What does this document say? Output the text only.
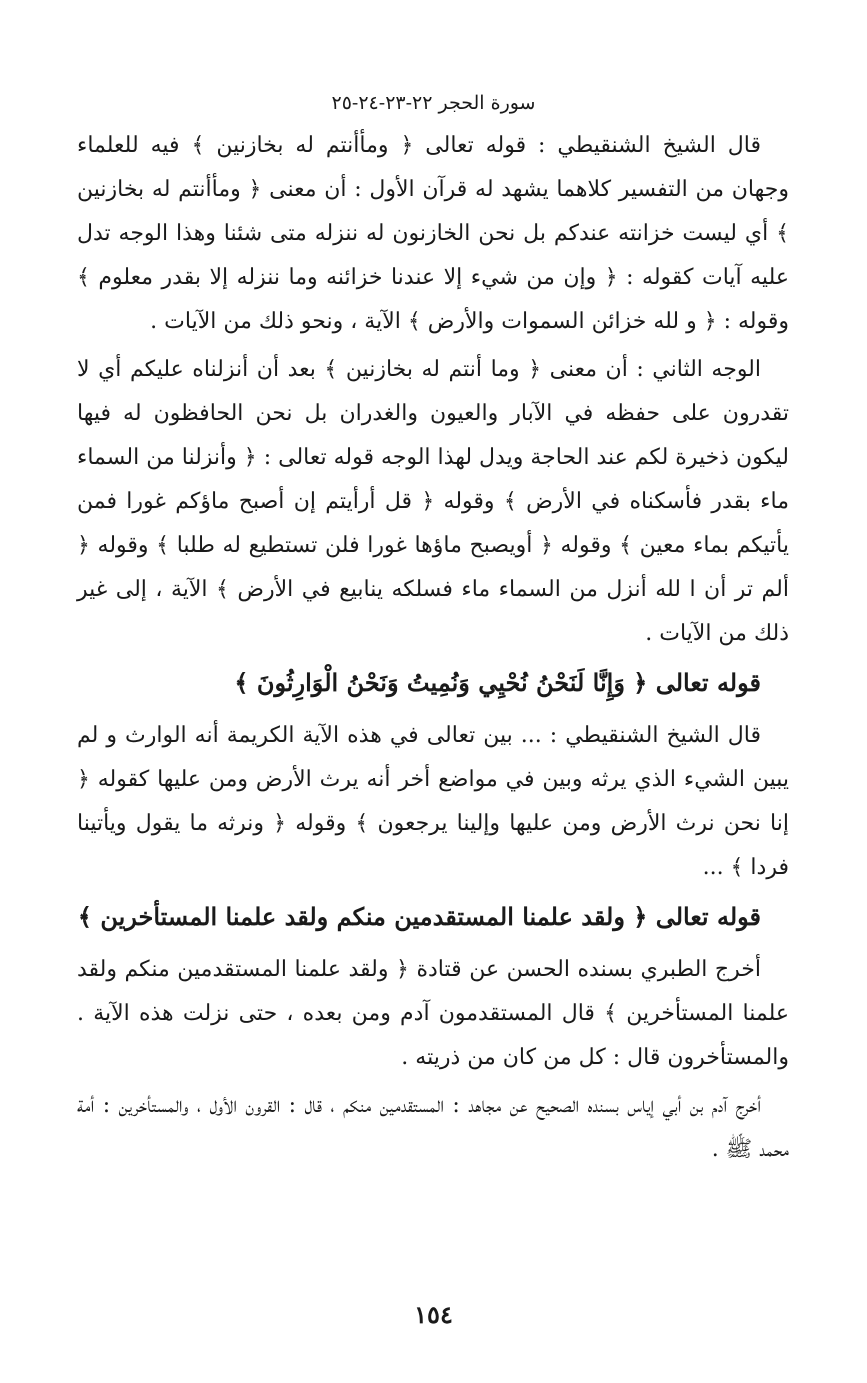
سورة الحجر ٢٢-٢٣-٢٤-٢٥

قال الشيخ الشنقيطي : قوله تعالى ﴿ ومأأنتم له بخازنين ﴾ فيه للعلماء وجهان من التفسير كلاهما يشهد له قرآن الأول : أن معنى ﴿ ومأأنتم له بخازنين ﴾ أي ليست خزانته عندكم بل نحن الخازنون له ننزله متى شئنا وهذا الوجه تدل عليه آيات كقوله : ﴿ وإن من شيء إلا عندنا خزائنه وما ننزله إلا بقدر معلوم ﴾ وقوله : ﴿ و لله خزائن السموات والأرض ﴾ الآية ، ونحو ذلك من الآيات .

الوجه الثاني : أن معنى ﴿ وما أنتم له بخازنين ﴾ بعد أن أنزلناه عليكم أي لا تقدرون على حفظه في الآبار والعيون والغدران بل نحن الحافظون له فيها ليكون ذخيرة لكم عند الحاجة ويدل لهذا الوجه قوله تعالى : ﴿ وأنزلنا من السماء ماء بقدر فأسكناه في الأرض ﴾ وقوله ﴿ قل أرأيتم إن أصبح ماؤكم غورا فمن يأتيكم بماء معين ﴾ وقوله ﴿ أويصبح ماؤها غورا فلن تستطيع له طلبا ﴾ وقوله ﴿ ألم تر أن ا لله أنزل من السماء ماء فسلكه ينابيع في الأرض ﴾ الآية ، إلى غير ذلك من الآيات .

قوله تعالى ﴿ وَإِنَّا لَنَحْنُ نُحْيِي وَنُمِيتُ وَنَحْنُ الْوَارِثُونَ ﴾

قال الشيخ الشنقيطي : ... بين تعالى في هذه الآية الكريمة أنه الوارث و لم يبين الشيء الذي يرثه وبين في مواضع أخر أنه يرث الأرض ومن عليها كقوله ﴿ إنا نحن نرث الأرض ومن عليها وإلينا يرجعون ﴾ وقوله ﴿ ونرثه ما يقول ويأتينا فردا ﴾ ...

قوله تعالى ﴿ ولقد علمنا المستقدمين منكم ولقد علمنا المستأخرين ﴾

أخرج الطبري بسنده الحسن عن قتادة ﴿ ولقد علمنا المستقدمين منكم ولقد علمنا المستأخرين ﴾ قال المستقدمون آدم ومن بعده ، حتى نزلت هذه الآية . والمستأخرون قال : كل من كان من ذريته .

أخرج آدم بن أبي إياس بسنده الصحيح عن مجاهد : المستقدمين منكم ، قال : القرون الأول ، والمستأخرين : أمة محمد ﷺ .

١٥٤
